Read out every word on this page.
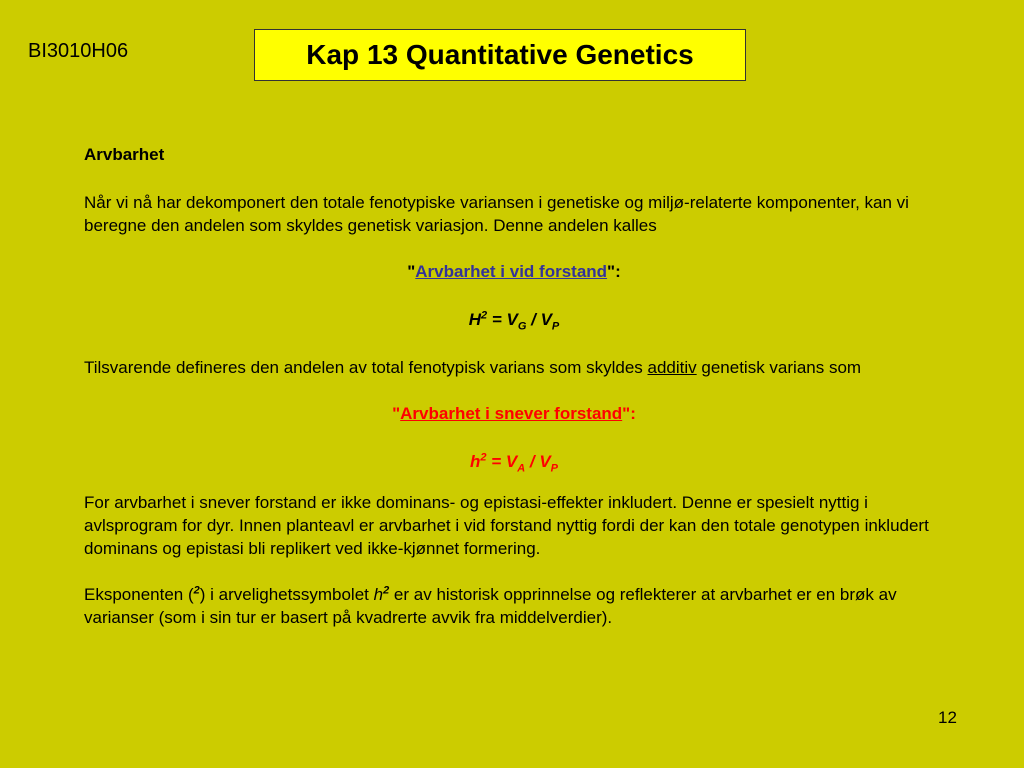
BI3010H06	Kap 13 Quantitative Genetics

Arvbarhet

Når vi nå har dekomponert den totale fenotypiske variansen i genetiske og miljø-relaterte komponenter, kan vi beregne den andelen som skyldes genetisk variasjon. Denne andelen kalles

"Arvbarhet i vid forstand":

$H^2 = V_G / V_P$

Tilsvarende defineres den andelen av total fenotypisk varians som skyldes additiv genetisk varians som

"Arvbarhet i snever forstand":

$h^2 = V_A / V_P$

For arvbarhet i snever forstand er ikke dominans- og epistasi-effekter inkludert. Denne er spesielt nyttig i avlsprogram for dyr. Innen planteavl er arvbarhet i vid forstand nyttig fordi der kan den totale genotypen inkludert dominans og epistasi bli replikert ved ikke-kjønnet formering.

Eksponenten ($^2$) i arvelighetssymbolet $h^2$ er av historisk opprinnelse og reflekterer at arvbarhet er en brøk av varianser (som i sin tur er basert på kvadrerte avvik fra middelverdier).

12
